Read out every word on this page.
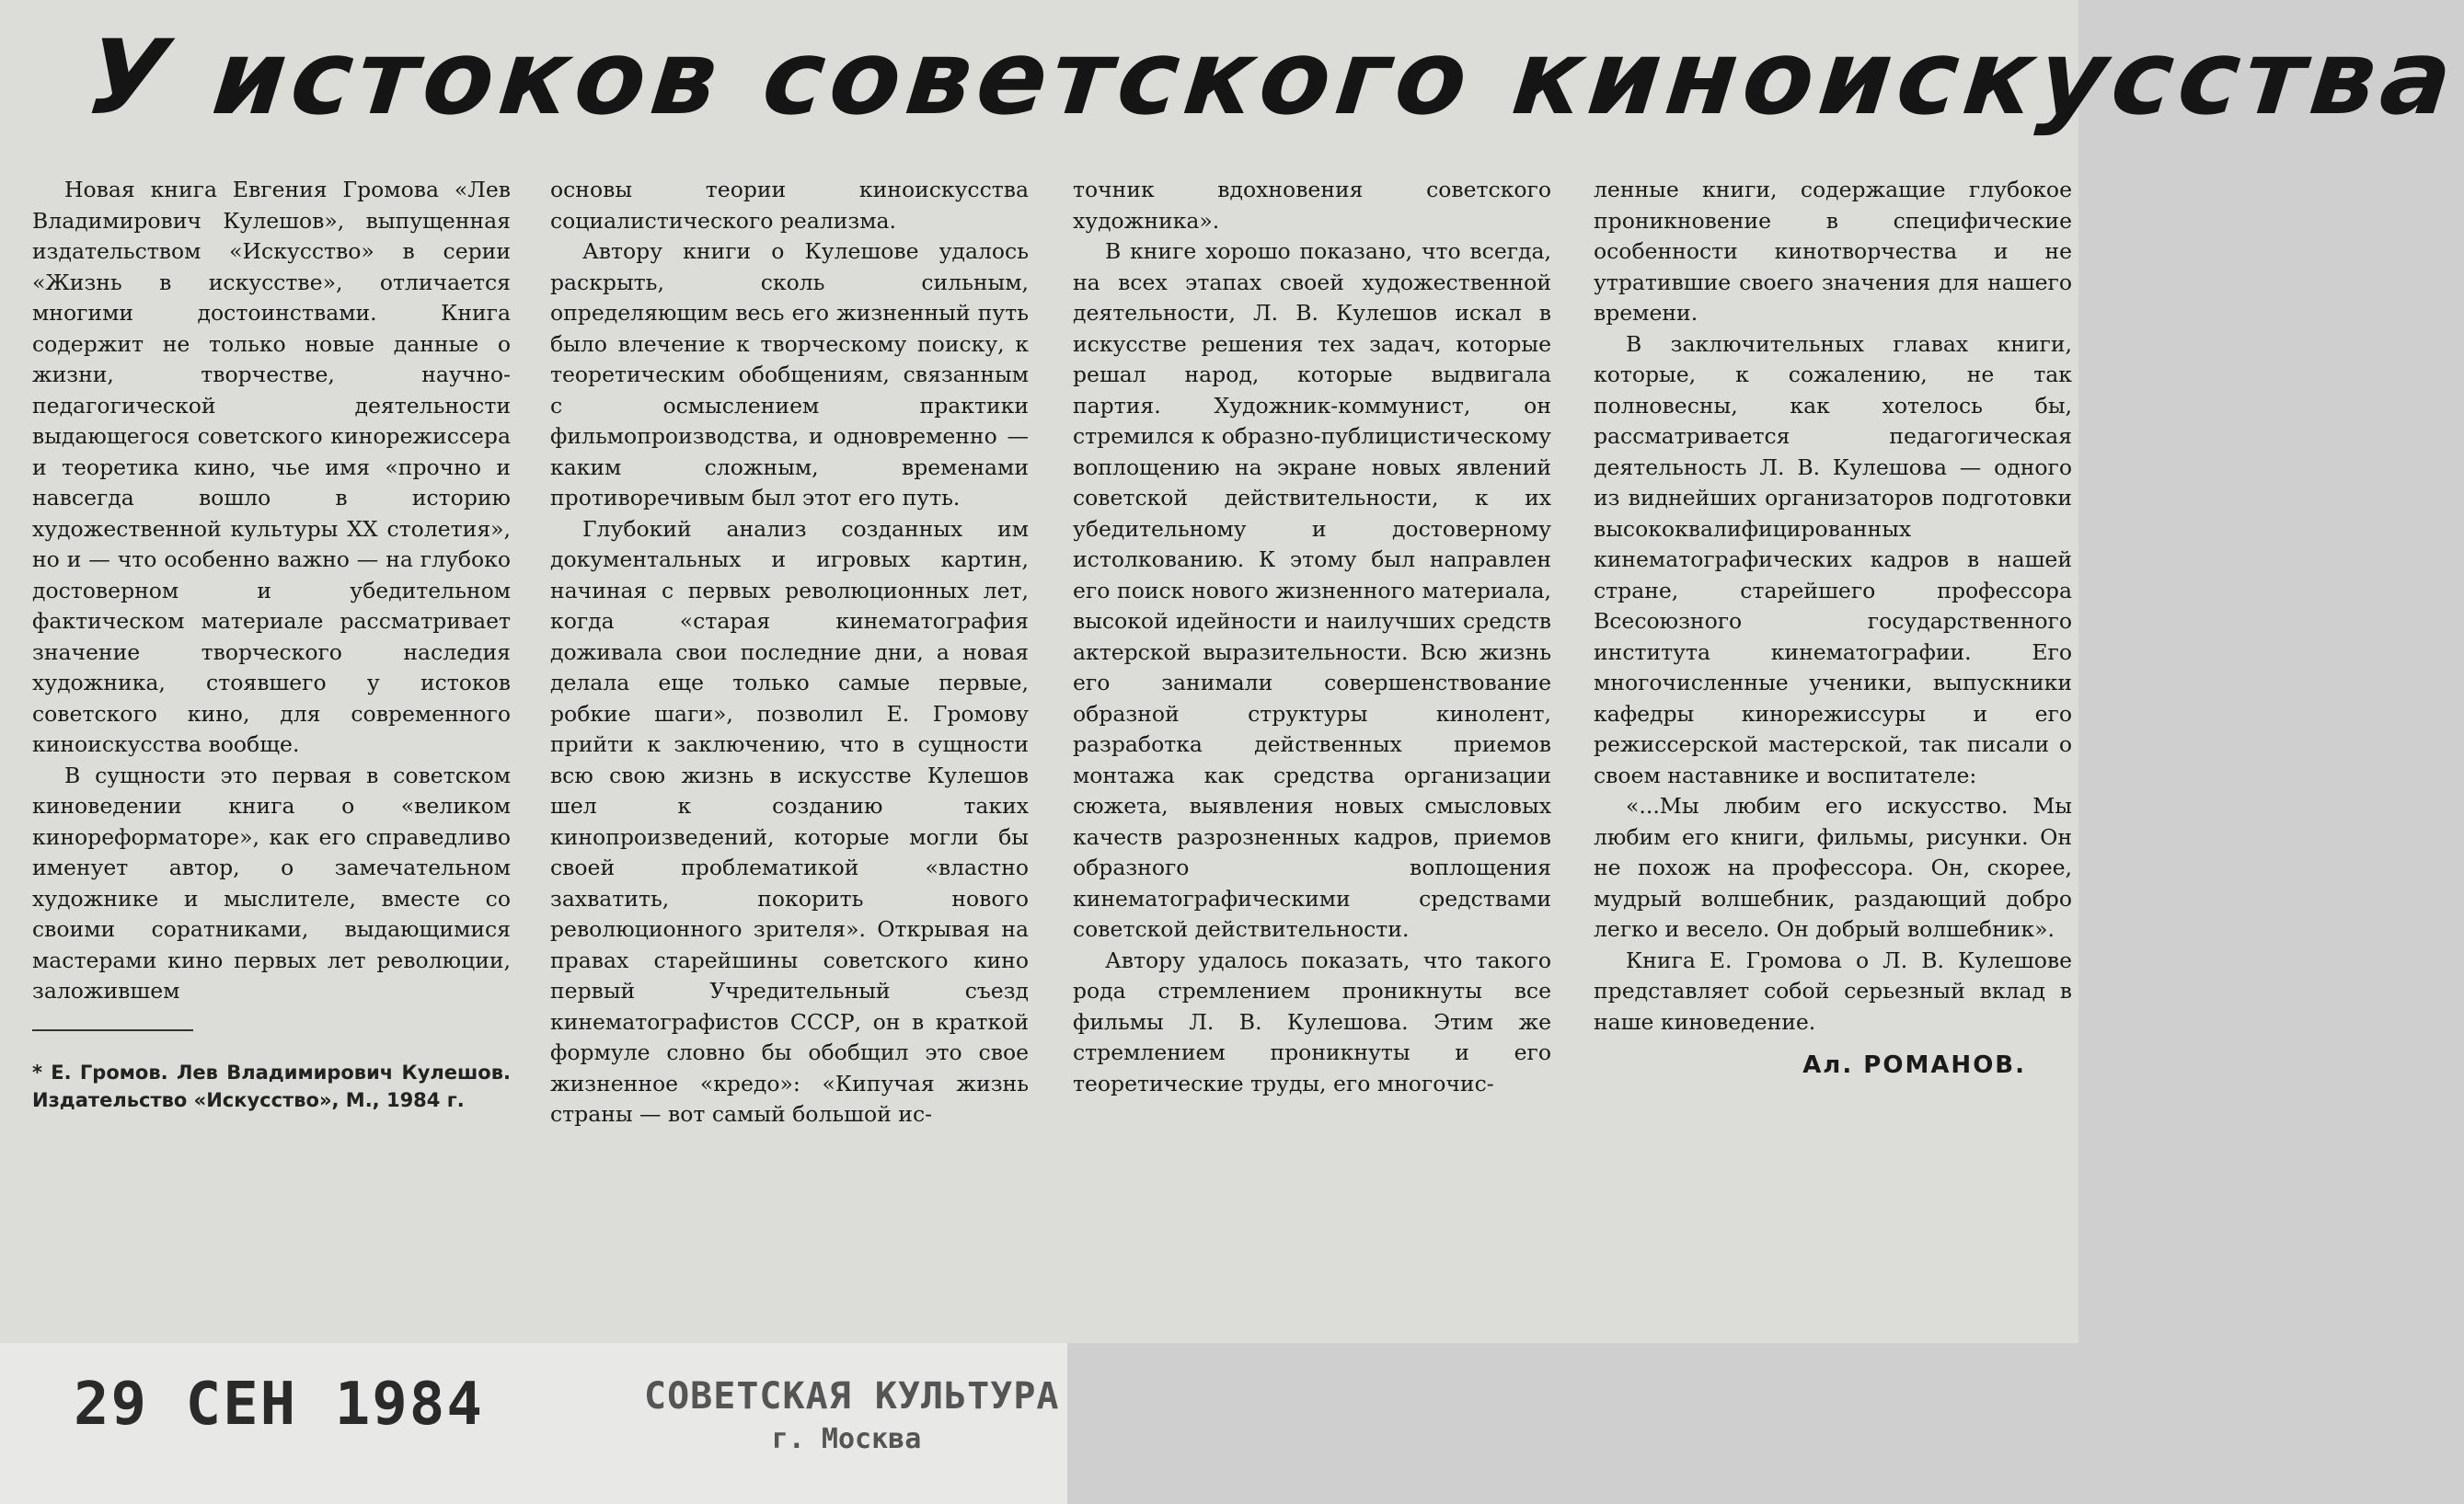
У истоков советского киноискусства

Новая книга Евгения Громова «Лев Владимирович Кулешов», выпущенная издательством «Искусство» в серии «Жизнь в искусстве», отличается многими достоинствами. Книга содержит не только новые данные о жизни, творчестве, научно-педагогической деятельности выдающегося советского кинорежиссера и теоретика кино, чье имя «прочно и навсегда вошло в историю художественной культуры XX столетия», но и — что особенно важно — на глубоко достоверном и убедительном фактическом материале рассматривает значение творческого наследия художника, стоявшего у истоков советского кино, для современного киноискусства вообще.

В сущности это первая в советском киноведении книга о «великом кинореформаторе», как его справедливо именует автор, о замечательном художнике и мыслителе, вместе со своими соратниками, выдающимися мастерами кино первых лет революции, заложившем

* Е. Громов. Лев Владимирович Кулешов. Издательство «Искусство», М., 1984 г.

основы теории киноискусства социалистического реализма.

Автору книги о Кулешове удалось раскрыть, сколь сильным, определяющим весь его жизненный путь было влечение к творческому поиску, к теоретическим обобщениям, связанным с осмыслением практики фильмопроизводства, и одновременно — каким сложным, временами противоречивым был этот его путь.

Глубокий анализ созданных им документальных и игровых картин, начиная с первых революционных лет, когда «старая кинематография доживала свои последние дни, а новая делала еще только самые первые, робкие шаги», позволил Е. Громову прийти к заключению, что в сущности всю свою жизнь в искусстве Кулешов шел к созданию таких кинопроизведений, которые могли бы своей проблематикой «властно захватить, покорить нового революционного зрителя». Открывая на правах старейшины советского кино первый Учредительный съезд кинематографистов СССР, он в краткой формуле словно бы обобщил это свое жизненное «кредо»: «Кипучая жизнь страны — вот самый большой ис-

точник вдохновения советского художника».

В книге хорошо показано, что всегда, на всех этапах своей художественной деятельности, Л. В. Кулешов искал в искусстве решения тех задач, которые решал народ, которые выдвигала партия. Художник-коммунист, он стремился к образно-публицистическому воплощению на экране новых явлений советской действительности, к их убедительному и достоверному истолкованию. К этому был направлен его поиск нового жизненного материала, высокой идейности и наилучших средств актерской выразительности. Всю жизнь его занимали совершенствование образной структуры кинолент, разработка действенных приемов монтажа как средства организации сюжета, выявления новых смысловых качеств разрозненных кадров, приемов образного воплощения кинематографическими средствами советской действительности.

Автору удалось показать, что такого рода стремлением проникнуты все фильмы Л. В. Кулешова. Этим же стремлением проникнуты и его теоретические труды, его многочис-

ленные книги, содержащие глубокое проникновение в специфические особенности кинотворчества и не утратившие своего значения для нашего времени.

В заключительных главах книги, которые, к сожалению, не так полновесны, как хотелось бы, рассматривается педагогическая деятельность Л. В. Кулешова — одного из виднейших организаторов подготовки высококвалифицированных кинематографических кадров в нашей стране, старейшего профессора Всесоюзного государственного института кинематографии. Его многочисленные ученики, выпускники кафедры кинорежиссуры и его режиссерской мастерской, так писали о своем наставнике и воспитателе:

«...Мы любим его искусство. Мы любим его книги, фильмы, рисунки. Он не похож на профессора. Он, скорее, мудрый волшебник, раздающий добро легко и весело. Он добрый волшебник».

Книга Е. Громова о Л. В. Кулешове представляет собой серьезный вклад в наше киноведение.

Ал. РОМАНОВ.
29 СЕН 1984	СОВЕТСКАЯ КУЛЬТУРА
г. Москва
